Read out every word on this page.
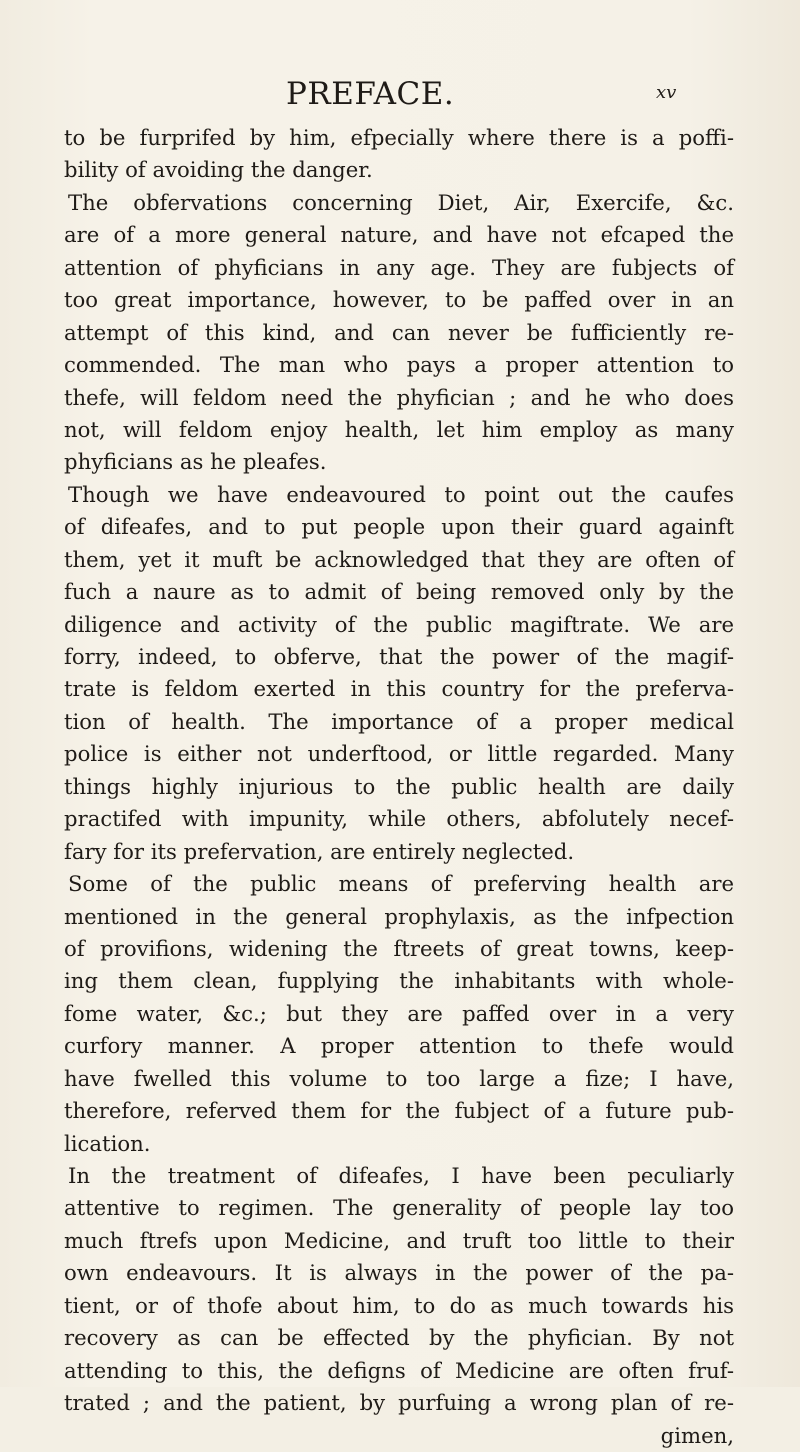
PREFACE.	xv
to be furprifed by him, efpecially where there is a poffi-
bility of avoiding the danger.
The obfervations concerning Diet, Air, Exercife, &c.
are of a more general nature, and have not efcaped the
attention of phyficians in any age. They are fubjects of
too great importance, however, to be paffed over in an
attempt of this kind, and can never be fufficiently re-
commended. The man who pays a proper attention to
thefe, will feldom need the phyfician ; and he who does
not, will feldom enjoy health, let him employ as many
phyficians as he pleafes.
Though we have endeavoured to point out the caufes
of difeafes, and to put people upon their guard againft
them, yet it muft be acknowledged that they are often of
fuch a naure as to admit of being removed only by the
diligence and activity of the public magiftrate. We are
forry, indeed, to obferve, that the power of the magif-
trate is feldom exerted in this country for the preferva-
tion of health. The importance of a proper medical
police is either not underftood, or little regarded. Many
things highly injurious to the public health are daily
practifed with impunity, while others, abfolutely necef-
fary for its prefervation, are entirely neglected.
Some of the public means of preferving health are
mentioned in the general prophylaxis, as the infpection
of provifions, widening the ftreets of great towns, keep-
ing them clean, fupplying the inhabitants with whole-
fome water, &c.; but they are paffed over in a very
curfory manner. A proper attention to thefe would
have fwelled this volume to too large a fize; I have,
therefore, referved them for the fubject of a future pub-
lication.
In the treatment of difeafes, I have been peculiarly
attentive to regimen. The generality of people lay too
much ftrefs upon Medicine, and truft too little to their
own endeavours. It is always in the power of the pa-
tient, or of thofe about him, to do as much towards his
recovery as can be effected by the phyfician. By not
attending to this, the defigns of Medicine are often fruf-
trated ; and the patient, by purfuing a wrong plan of re-
gimen,
